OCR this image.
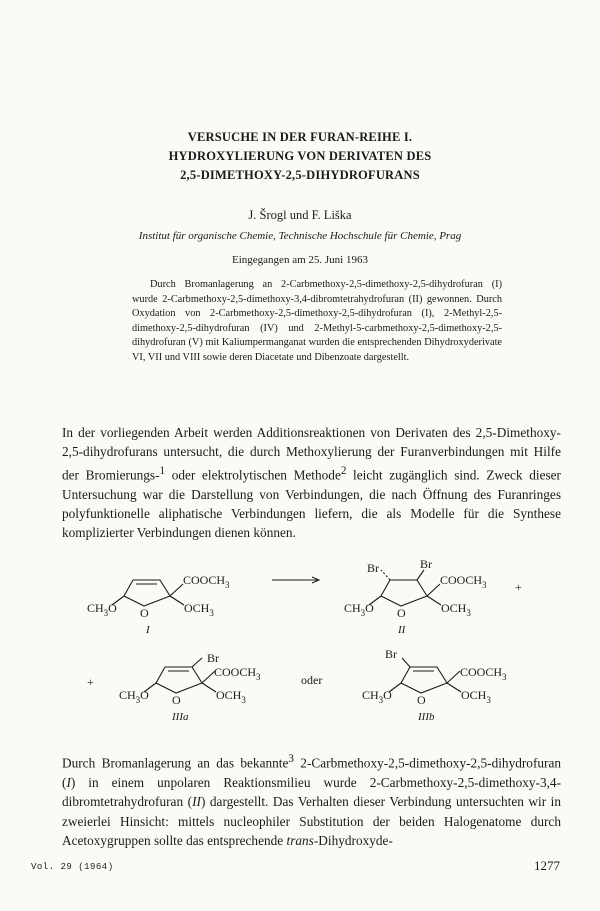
VERSUCHE IN DER FURAN-REIHE I.
HYDROXYLIERUNG VON DERIVATEN DES
2,5-DIMETHOXY-2,5-DIHYDROFURANS
J. Šrogl und F. Liška
Institut für organische Chemie, Technische Hochschule für Chemie, Prag
Eingegangen am 25. Juni 1963

Durch Bromanlagerung an 2-Carbmethoxy-2,5-dimethoxy-2,5-dihydrofuran (I) wurde 2-Carbmethoxy-2,5-dimethoxy-3,4-dibromtetrahydrofuran (II) gewonnen. Durch Oxydation von 2-Carbmethoxy-2,5-dimethoxy-2,5-dihydrofuran (I), 2-Methyl-2,5-dimethoxy-2,5-dihydrofuran (IV) und 2-Methyl-5-carbmethoxy-2,5-dimethoxy-2,5-dihydrofuran (V) mit Kaliumpermanganat wurden die entsprechenden Dihydroxyderivate VI, VII und VIII sowie deren Diacetate und Dibenzoate dargestellt.

In der vorliegenden Arbeit werden Additionsreaktionen von Derivaten des 2,5-Dimethoxy-2,5-dihydrofurans untersucht, die durch Methoxylierung der Furanverbindungen mit Hilfe der Bromierungs-$^1$ oder elektrolytischen Methode$^2$ leicht zugänglich sind. Zweck dieser Untersuchung war die Darstellung von Verbindungen, die nach Öffnung des Furanringes polyfunktionelle aliphatische Verbindungen liefern, die als Modelle für die Synthese komplizierter Verbindungen dienen können.

O
$COOCH_3$
$CH_3O$	$OCH_3$
I
Br	Br
O
$COOCH_3$
$CH_3O$	$OCH_3$
II
+
+
Br
O
$COOCH_3$
$CH_3O$	$OCH_3$
IIIa
oder
Br
O
$COOCH_3$
$CH_3O$	$OCH_3$
IIIb

Durch Bromanlagerung an das bekannte$^3$ 2-Carbmethoxy-2,5-dimethoxy-2,5-dihydrofuran (I) in einem unpolaren Reaktionsmilieu wurde 2-Carbmethoxy-2,5-dimethoxy-3,4-dibromtetrahydrofuran (II) dargestellt. Das Verhalten dieser Verbindung untersuchten wir in zweierlei Hinsicht: mittels nucleophiler Substitution der beiden Halogenatome durch Acetoxygruppen sollte das entsprechende trans-Dihydroxyde-

Vol. 29 (1964)	1277
